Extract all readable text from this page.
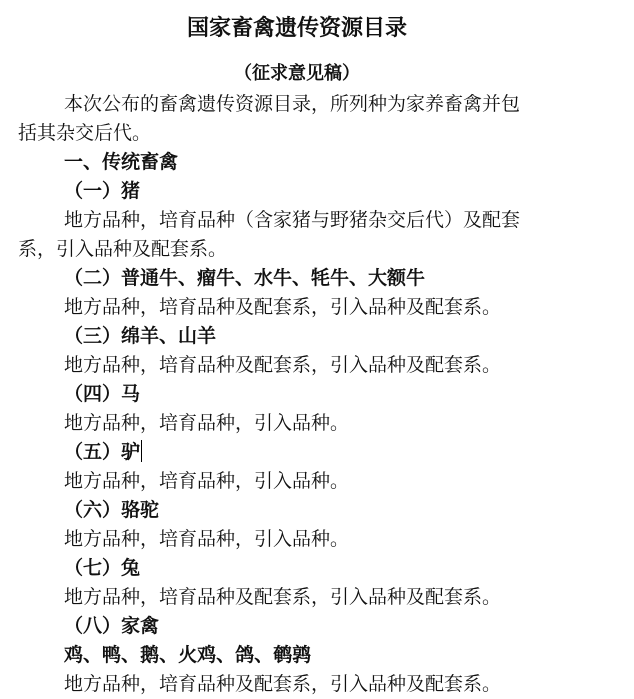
国家畜禽遗传资源目录
（征求意见稿）
本次公布的畜禽遗传资源目录，所列种为家养畜禽并包
括其杂交后代。
一、传统畜禽
（一）猪
地方品种，培育品种（含家猪与野猪杂交后代）及配套
系，引入品种及配套系。
（二）普通牛、瘤牛、水牛、牦牛、大额牛
地方品种，培育品种及配套系，引入品种及配套系。
（三）绵羊、山羊
地方品种，培育品种及配套系，引入品种及配套系。
（四）马
地方品种，培育品种，引入品种。
（五）驴
地方品种，培育品种，引入品种。
（六）骆驼
地方品种，培育品种，引入品种。
（七）兔
地方品种，培育品种及配套系，引入品种及配套系。
（八）家禽
鸡、鸭、鹅、火鸡、鸽、鹌鹑
地方品种，培育品种及配套系，引入品种及配套系。
